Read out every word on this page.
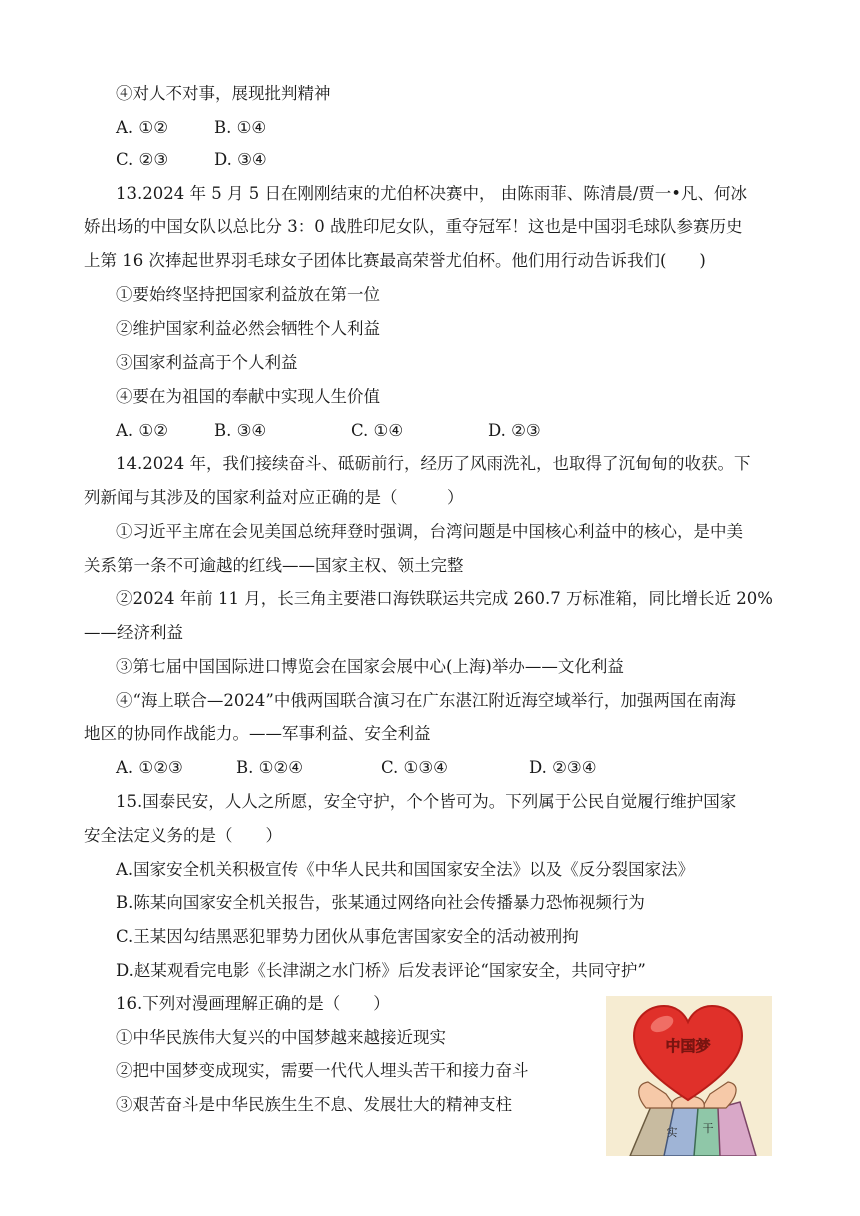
④对人不对事，展现批判精神
A. ①②	B. ①④
C. ②③	D. ③④
13.2024 年 5 月 5 日在刚刚结束的尤伯杯决赛中， 由陈雨菲、陈清晨/贾一•凡、何冰
娇出场的中国女队以总比分 3：0 战胜印尼女队，重夺冠军！这也是中国羽毛球队参赛历史
上第 16 次捧起世界羽毛球女子团体比赛最高荣誉尤伯杯。他们用行动告诉我们(　　)
①要始终坚持把国家利益放在第一位
②维护国家利益必然会牺牲个人利益
③国家利益高于个人利益
④要在为祖国的奉献中实现人生价值
A. ①②	B. ③④	C. ①④	D. ②③
14.2024 年，我们接续奋斗、砥砺前行，经历了风雨洗礼，也取得了沉甸甸的收获。下
列新闻与其涉及的国家利益对应正确的是（　　　）
①习近平主席在会见美国总统拜登时强调，台湾问题是中国核心利益中的核心，是中美
关系第一条不可逾越的红线——国家主权、领土完整
②2024 年前 11 月，长三角主要港口海铁联运共完成 260.7 万标准箱，同比增长近 20%
——经济利益
③第七届中国国际进口博览会在国家会展中心(上海)举办——文化利益
④“海上联合—2024”中俄两国联合演习在广东湛江附近海空域举行，加强两国在南海
地区的协同作战能力。——军事利益、安全利益
A. ①②③	B. ①②④	C. ①③④	D. ②③④
15.国泰民安，人人之所愿，安全守护，个个皆可为。下列属于公民自觉履行维护国家
安全法定义务的是（　　）
A.国家安全机关积极宣传《中华人民共和国国家安全法》以及《反分裂国家法》
B.陈某向国家安全机关报告，张某通过网络向社会传播暴力恐怖视频行为
C.王某因勾结黑恶犯罪势力团伙从事危害国家安全的活动被刑拘
D.赵某观看完电影《长津湖之水门桥》后发表评论“国家安全，共同守护”
16.下列对漫画理解正确的是（　　）
①中华民族伟大复兴的中国梦越来越接近现实
②把中国梦变成现实，需要一代代人埋头苦干和接力奋斗
③艰苦奋斗是中华民族生生不息、发展壮大的精神支柱
中国梦
实 干
